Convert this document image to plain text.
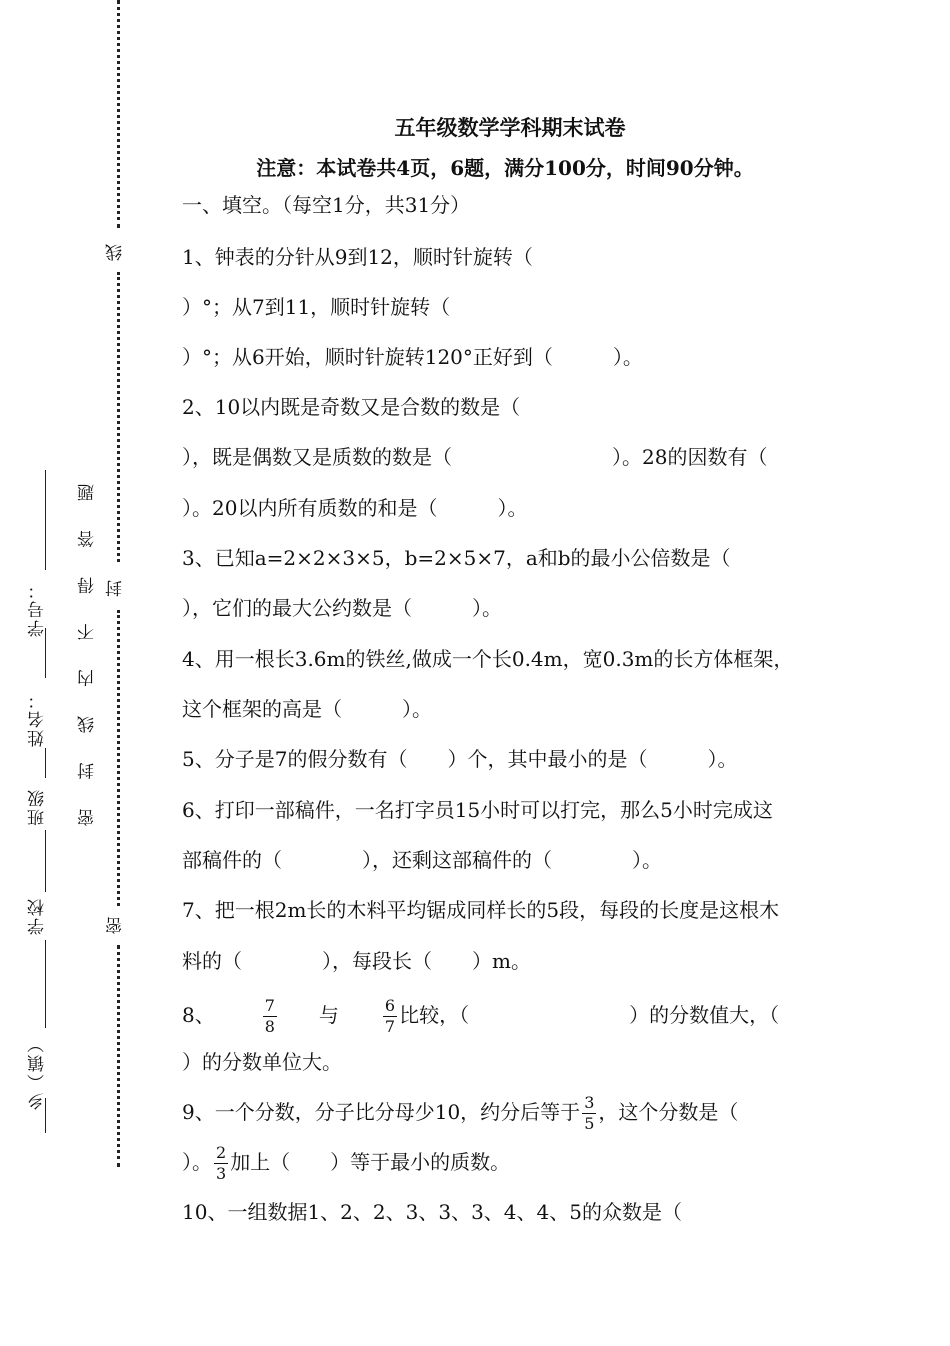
线
封
密
密 封 线 内 不 得 答 题
学号：
姓名：
班级
学校
乡（镇）
五年级数学学科期末试卷
注意：本试卷共4页，6题，满分100分，时间90分钟。
一、填空。（每空1分，共31分）
1、钟表的分针从9到12，顺时针旋转（
）°；从7到11，顺时针旋转（
）°；从6开始，顺时针旋转120°正好到（　　　）。
2、10以内既是奇数又是合数的数是（
），既是偶数又是质数的数是（　　　　　　　　）。28的因数有（
）。20以内所有质数的和是（　　　）。
3、已知a=2×2×3×5，b=2×5×7，a和b的最小公倍数是（
），它们的最大公约数是（　　　）。
4、用一根长3.6m的铁丝,做成一个长0.4m，宽0.3m的长方体框架，
这个框架的高是（　　　）。
5、分子是7的假分数有（　　）个，其中最小的是（　　　）。
6、打印一部稿件，一名打字员15小时可以打完，那么5小时完成这
部稿件的（　　　　），还剩这部稿件的（　　　　）。
7、把一根2m长的木料平均锯成同样长的5段，每段的长度是这根木
料的（　　　　），每段长（　　）m。
8、	$\frac{7}{8}$ 与	$\frac{6}{7}$ 比较，（　　　　　　　　）的分数值大，（
）的分数单位大。
9、一个分数，分子比分母少10，约分后等于 $\frac{3}{5}$ ，这个分数是（
）。 $\frac{2}{3}$ 加上（　　）等于最小的质数。
10、一组数据1、2、2、3、3、3、4、4、5的众数是（
